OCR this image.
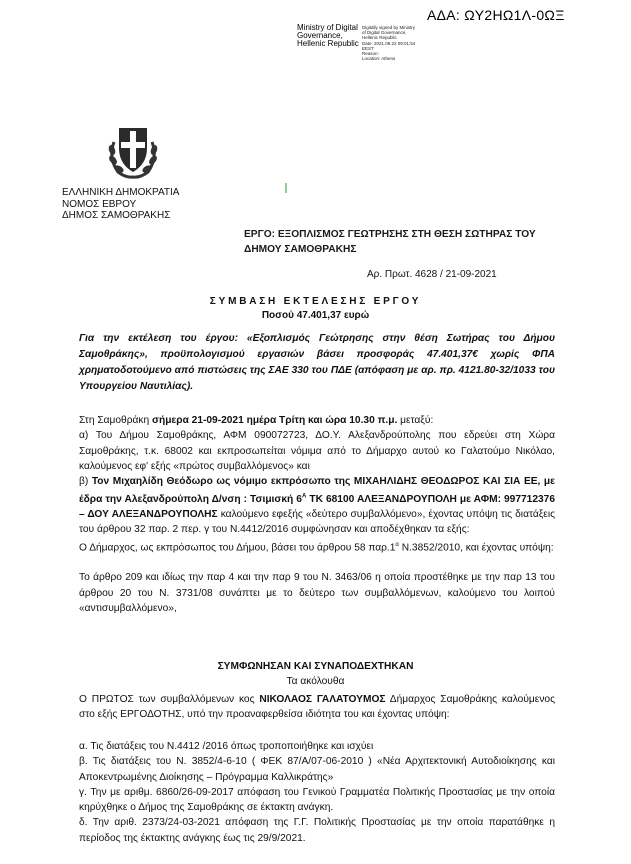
ΑΔΑ: ΩΥ2ΗΩ1Λ-0ΩΞ
Ministry of Digital
Governance,
Hellenic Republic
Digitally signed by Ministry
of Digital Governance,
Hellenic Republic
Date: 2021.09.22 09:01:54
EEST
Reason:
Location: Athens
ΕΛΛΗΝΙΚΗ ΔΗΜΟΚΡΑΤΙΑ
ΝΟΜΟΣ ΕΒΡΟΥ
ΔΗΜΟΣ ΣΑΜΟΘΡΑΚΗΣ
ΕΡΓΟ: ΕΞΟΠΛΙΣΜΟΣ ΓΕΩΤΡΗΣΗΣ ΣΤΗ ΘΕΣΗ ΣΩΤΗΡΑΣ ΤΟΥ ΔΗΜΟΥ ΣΑΜΟΘΡΑΚΗΣ
Αρ. Πρωτ. 4628 / 21-09-2021
ΣΥΜΒΑΣΗ ΕΚΤΕΛΕΣΗΣ ΕΡΓΟΥ
Ποσού 47.401,37 ευρώ
Για την εκτέλεση του έργου: «Εξοπλισμός Γεώτρησης στην θέση Σωτήρας του Δήμου Σαμοθράκης», προϋπολογισμού εργασιών βάσει προσφοράς 47.401,37€ χωρίς ΦΠΑ χρηματοδοτούμενο από πιστώσεις της ΣΑΕ 330 του ΠΔΕ (απόφαση με αρ. πρ. 4121.80-32/1033 του Υπουργείου Ναυτιλίας).

Στη Σαμοθράκη σήμερα 21-09-2021 ημέρα Τρίτη και ώρα 10.30 π.μ. μεταξύ:

α) Του Δήμου Σαμοθράκης, ΑΦΜ 090072723, ΔΟ.Υ. Αλεξανδρούπολης που εδρεύει στη Χώρα Σαμοθράκης, τ.κ. 68002 και εκπροσωπείται νόμιμα από το Δήμαρχο αυτού κο Γαλατούμο Νικόλαο, καλούμενος εφ' εξής «πρώτος συμβαλλόμενος» και

β) Τον Μιχαηλίδη Θεόδωρο ως νόμιμο εκπρόσωπο της ΜΙΧΑΗΛΙΔΗΣ ΘΕΟΔΩΡΟΣ ΚΑΙ ΣΙΑ ΕΕ, με έδρα την Αλεξανδρούπολη Δ/νση : Τσιμισκή $6^A$ ΤΚ 68100 ΑΛΕΞΑΝΔΡΟΥΠΟΛΗ με ΑΦΜ: 997712376 – ΔΟΥ ΑΛΕΞΑΝΔΡΟΥΠΟΛΗΣ καλούμενο εφεξής «δεύτερο συμβαλλόμενο», έχοντας υπόψη τις διατάξεις του άρθρου 32 παρ. 2 περ. γ του Ν.4412/2016 συμφώνησαν και αποδέχθηκαν τα εξής:

Ο Δήμαρχος, ως εκπρόσωπος του Δήμου, βάσει του άρθρου 58 $\pi\alpha\rho.1^\alpha$ Ν.3852/2010, και έχοντας υπόψη:

Το άρθρο 209 και ιδίως την παρ 4 και την παρ 9 του Ν. 3463/06 η οποία προστέθηκε με την παρ 13 του άρθρου 20 του Ν. 3731/08 συνάπτει με το δεύτερο των συμβαλλόμενων, καλούμενο του λοιπού «αντισυμβαλλόμενο»,

ΣΥΜΦΩΝΗΣΑΝ ΚΑΙ ΣΥΝΑΠΟΔΕΧΤΗΚΑΝ
Τα ακόλουθα

Ο ΠΡΩΤΟΣ των συμβαλλόμενων κος ΝΙΚΟΛΑΟΣ ΓΑΛΑΤΟΥΜΟΣ Δήμαρχος Σαμοθράκης καλούμενος στο εξής ΕΡΓΟΔΟΤΗΣ, υπό την προαναφερθείσα ιδιότητα του και έχοντας υπόψη:

α. Τις διατάξεις του Ν.4412 /2016 όπως τροποποιήθηκε και ισχύει

β. Τις διατάξεις του Ν. 3852/4-6-10 ( ΦΕΚ 87/Α/07-06-2010 ) «Νέα Αρχιτεκτονική Αυτοδιοίκησης και Αποκεντρωμένης Διοίκησης – Πρόγραμμα Καλλικράτης»

γ. Την με αριθμ. 6860/26-09-2017 απόφαση του Γενικού Γραμματέα Πολιτικής Προστασίας με την οποία κηρύχθηκε ο Δήμος της Σαμοθράκης σε έκτακτη ανάγκη.

δ. Την αριθ. 2373/24-03-2021 απόφαση της Γ.Γ. Πολιτικής Προστασίας με την οποία παρατάθηκε η περίοδος της έκτακτης ανάγκης έως τις 29/9/2021.
